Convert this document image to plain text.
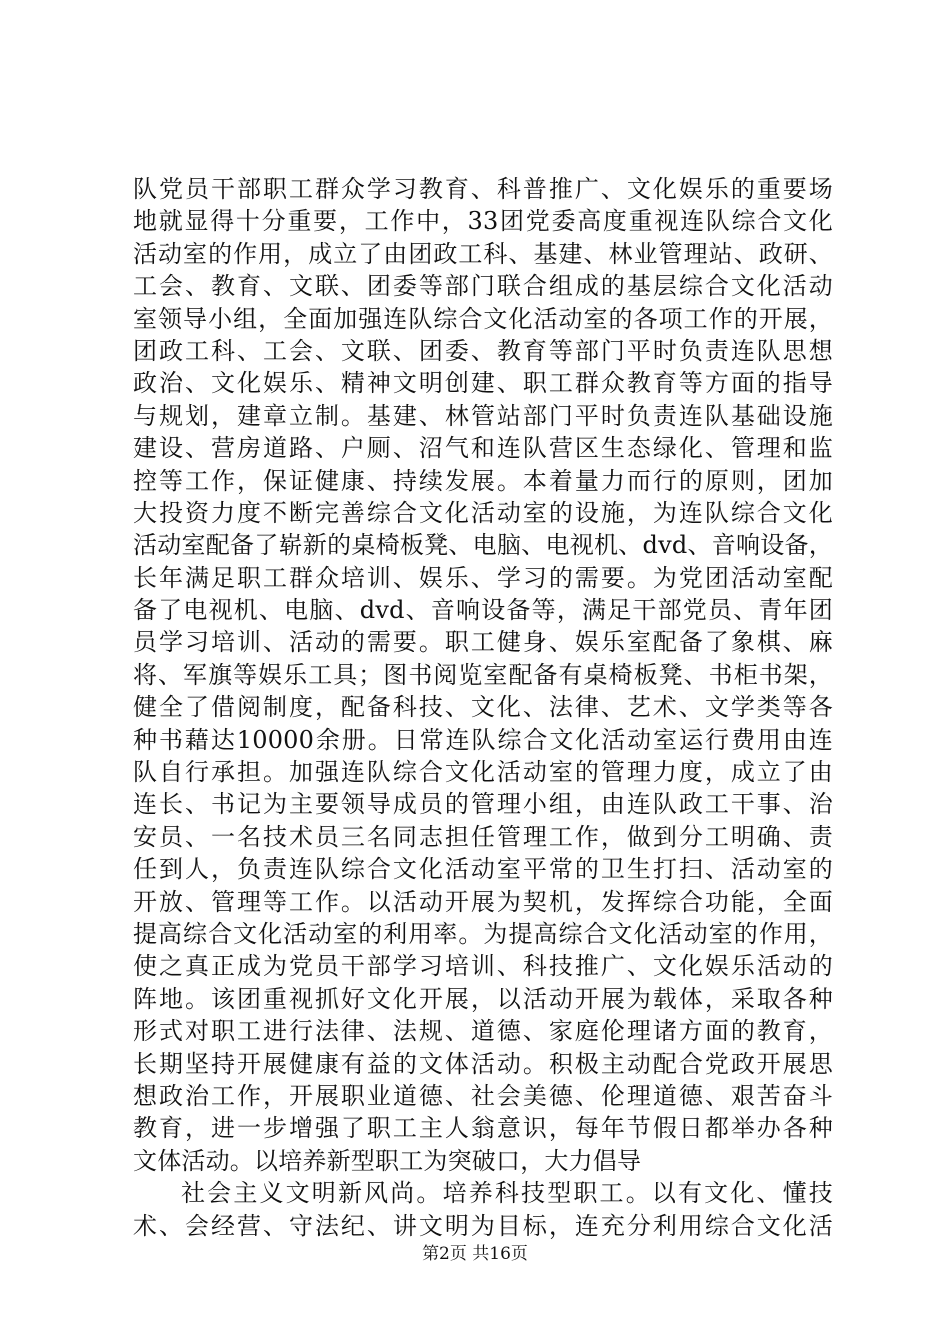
队党员干部职工群众学习教育、科普推广、文化娱乐的重要场
地就显得十分重要，工作中，33团党委高度重视连队综合文化
活动室的作用，成立了由团政工科、基建、林业管理站、政研、
工会、教育、文联、团委等部门联合组成的基层综合文化活动
室领导小组，全面加强连队综合文化活动室的各项工作的开展，
团政工科、工会、文联、团委、教育等部门平时负责连队思想
政治、文化娱乐、精神文明创建、职工群众教育等方面的指导
与规划，建章立制。基建、林管站部门平时负责连队基础设施
建设、营房道路、户厕、沼气和连队营区生态绿化、管理和监
控等工作，保证健康、持续发展。本着量力而行的原则，团加
大投资力度不断完善综合文化活动室的设施，为连队综合文化
活动室配备了崭新的桌椅板凳、电脑、电视机、dvd、音响设备，
长年满足职工群众培训、娱乐、学习的需要。为党团活动室配
备了电视机、电脑、dvd、音响设备等，满足干部党员、青年团
员学习培训、活动的需要。职工健身、娱乐室配备了象棋、麻
将、军旗等娱乐工具；图书阅览室配备有桌椅板凳、书柜书架，
健全了借阅制度，配备科技、文化、法律、艺术、文学类等各
种书藉达10000余册。日常连队综合文化活动室运行费用由连
队自行承担。加强连队综合文化活动室的管理力度，成立了由
连长、书记为主要领导成员的管理小组，由连队政工干事、治
安员、一名技术员三名同志担任管理工作，做到分工明确、责
任到人，负责连队综合文化活动室平常的卫生打扫、活动室的
开放、管理等工作。以活动开展为契机，发挥综合功能，全面
提高综合文化活动室的利用率。为提高综合文化活动室的作用，
使之真正成为党员干部学习培训、科技推广、文化娱乐活动的
阵地。该团重视抓好文化开展，以活动开展为载体，采取各种
形式对职工进行法律、法规、道德、家庭伦理诸方面的教育，
长期坚持开展健康有益的文体活动。积极主动配合党政开展思
想政治工作，开展职业道德、社会美德、伦理道德、艰苦奋斗
教育，进一步增强了职工主人翁意识，每年节假日都举办各种
文体活动。以培养新型职工为突破口，大力倡导
社会主义文明新风尚。培养科技型职工。以有文化、懂技
术、会经营、守法纪、讲文明为目标，连充分利用综合文化活
第2页 共16页
